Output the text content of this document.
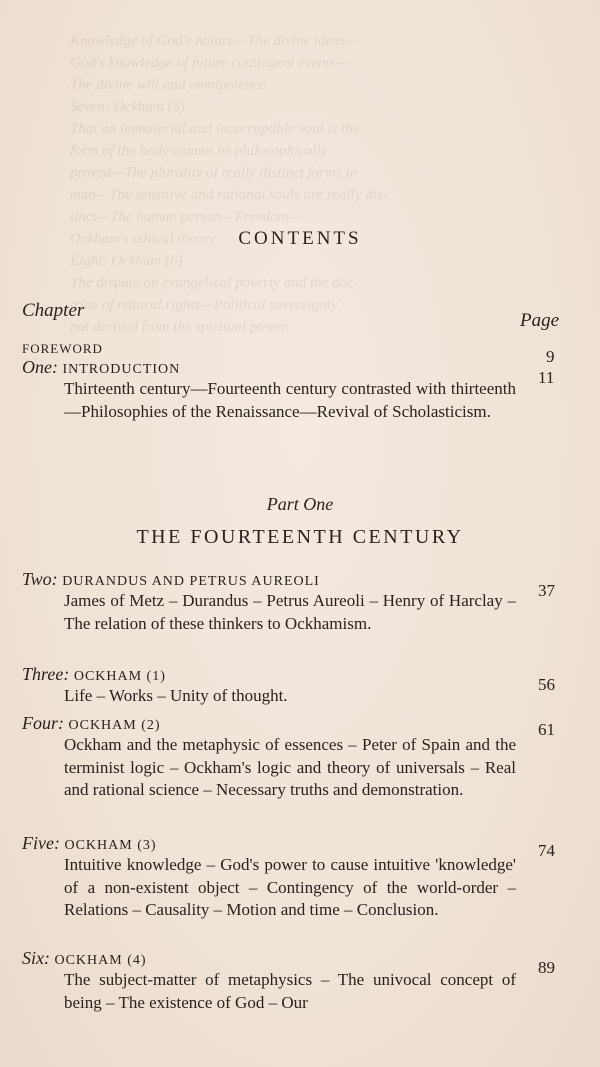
Knowledge of God's nature—The divine ideas—
God's knowledge of future contingent events—
The divine will and omnipotence
Seven: Ockham (5)
That an immaterial and incorruptible soul is the
form of the body cannot be philosophically
proved—The plurality of really distinct forms in
man—The sensitive and rational souls are really dis-
tinct—The human person—Freedom—
Ockham's ethical theory
Eight: Ockham (6)
The dispute on evangelical poverty and the doc-
trine of natural rights—Political sovereignty
not derived from the spiritual power
CONTENTS
Chapter	Page
FOREWORD	9
One: INTRODUCTION
Thirteenth century—Fourteenth century contrasted with thirteenth—Philosophies of the Renaissance—Revival of Scholasticism.
11
Part One
THE FOURTEENTH CENTURY
Two: DURANDUS AND PETRUS AUREOLI
James of Metz – Durandus – Petrus Aureoli – Henry of Harclay – The relation of these thinkers to Ockhamism.
37
Three: OCKHAM (1)
Life – Works – Unity of thought.
56
Four: OCKHAM (2)
Ockham and the metaphysic of essences – Peter of Spain and the terminist logic – Ockham's logic and theory of universals – Real and rational science – Necessary truths and demonstration.
61
Five: OCKHAM (3)
Intuitive knowledge – God's power to cause intuitive 'knowledge' of a non-existent object – Contingency of the world-order – Relations – Causality – Motion and time – Conclusion.
74
Six: OCKHAM (4)
The subject-matter of metaphysics – The univocal concept of being – The existence of God – Our
89
